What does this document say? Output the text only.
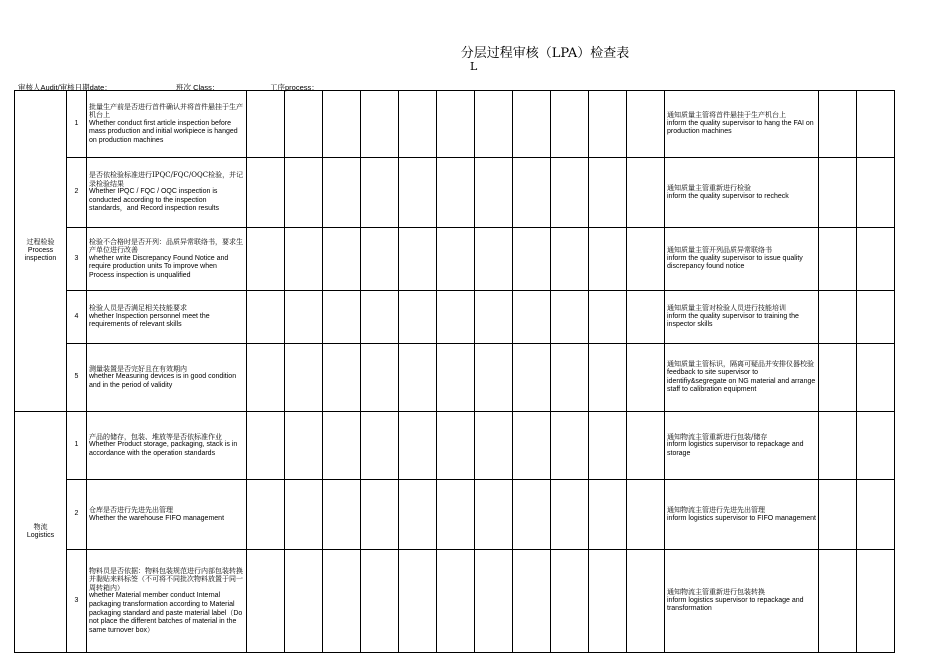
分层过程审核（LPA）检查表
L
审核人Audit/审核日期date：	班次 Class：	工序process：
过程检验
Process inspection	1	批量生产前是否进行首件确认并将首件悬挂于生产机台上
Whether conduct first article inspection before mass production and initial workpiece is hanged on production machines												通知质量主管将首件悬挂于生产机台上
inform the quality supervisor to hang the FAI on production machines		

	2	是否依检验标准进行IPQC/FQC/OQC检验，并记录检验结果
Whether IPQC / FQC / OQC inspection is conducted according to the inspection standards，and Record inspection results												通知质量主管重新进行检验
inform the quality supervisor to recheck		

	3	检验不合格时是否开列：品质异常联络书，要求生产单位进行改善
whether write Discrepancy Found Notice and require production units To improve when Process inspection is unqualified												通知质量主管开列品质异常联络书
inform the quality supervisor to issue quality discrepancy found notice		

	4	检验人员是否满足相关技能要求
whether Inspection personnel meet the requirements of relevant skills												通知质量主管对检验人员进行技能培训
inform the quality supervisor to training the inspector skills		

	5	测量装置是否完好且在有效期内
whether Measuring devices is in good condition and in the period of validity												通知质量主管标识，隔离可疑品并安排仪器校验
feedback to site supervisor to identifiy&segregate on NG material and arrange staff to calibration equipment		

物流
Logistics	1	产品的储存，包装、堆放等是否依标准作业
Whether Product storage, packaging, stack is in accordance with the operation standards												通知物流主管重新进行包装/储存
inform logistics supervisor to repackage and storage		

	2	仓库是否进行先进先出管理
Whether the warehouse FIFO management												通知物流主管进行先进先出管理
inform logistics supervisor to FIFO management		

	3	物料员是否依据：物料包装规范进行内部包装转换并黏贴来料标签（不可将不同批次物料放置于同一周转箱内）
whether Material member conduct Internal packaging transformation according to Material packaging standard and paste material label（Do not place the different batches of material in the same turnover box）												通知物流主管重新进行包装转换
inform logistics supervisor to repackage and transformation		
